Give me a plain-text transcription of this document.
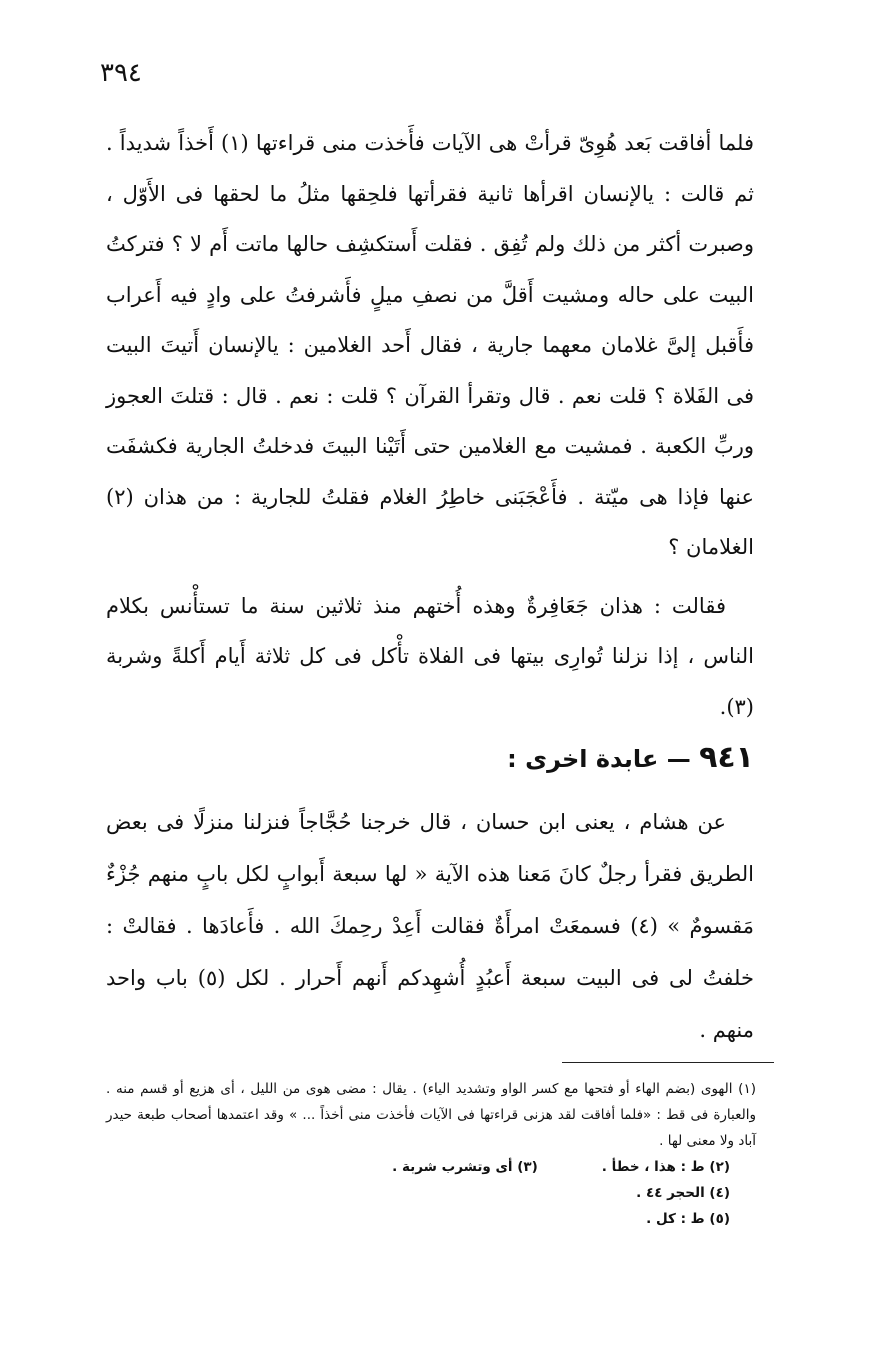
٣٩٤

فلما أفاقت بَعد هُوِىّ قرأتْ هى الآيات فأَخذت منى قراءتها (١) أَخذاً شديداً . ثم قالت : يالإنسان اقرأها ثانية فقرأتها فلحِقها مثلُ ما لحقها فى الأَوّل ، وصبرت أكثر من ذلك ولم تُفِق . فقلت أَستكشِف حالها ماتت أَم لا ؟ فتركتُ البيت على حاله ومشيت أَقلَّ من نصفِ ميلٍ فأَشرفتُ على وادٍ فيه أَعراب فأَقبل إلىَّ غلامان معهما جارية ، فقال أَحد الغلامين : يالإنسان أَتيتَ البيت فى الفَلاة ؟ قلت نعم . قال وتقرأ القرآن ؟ قلت : نعم . قال : قتلتَ العجوز وربِّ الكعبة . فمشيت مع الغلامين حتى أَتَيْنا البيتَ فدخلتُ الجارية فكشفَت عنها فإذا هى ميّتة . فأَعْجَبَنى خاطِرُ الغلام فقلتُ للجارية : من هذان (٢) الغلامان ؟

فقالت : هذان جَعَافِرةٌ وهذه أُختهم منذ ثلاثين سنة ما تستأْنس بكلام الناس ، إذا نزلنا تُوارِى بيتها فى الفلاة تأْكل فى كل ثلاثة أَيام أَكلةً وشربة (٣).

٩٤١ — عابدة اخرى :

عن هشام ، يعنى ابن حسان ، قال خرجنا حُجَّاجاً فنزلنا منزلًا فى بعض الطريق فقرأ رجلٌ كانَ مَعنا هذه الآية « لها سبعة أَبوابٍ لكل بابٍ منهم جُزْءٌ مَقسومٌ » (٤) فسمعَتْ امرأَةٌ فقالت أَعِدْ رحِمكَ الله . فأَعادَها . فقالتْ : خلفتُ لى فى البيت سبعة أَعبُدٍ أُشهِدكم أَنهم أَحرار . لكل (٥) باب واحد منهم .

(١) الهوى (بضم الهاء أو فتحها مع كسر الواو وتشديد الياء) . يقال : مضى هوى من الليل ، أى هزيع أو قسم منه . والعبارة فى قط : «فلما أفاقت لقد هزنى قراءتها فى الآيات فأخذت منى أخذاً ... » وقد اعتمدها أصحاب طبعة حيدر آباد ولا معنى لها .

(٢) ط : هذا ، خطأ .
(٣) أى وتشرب شربة .

(٤) الحجر ٤٤ .

(٥) ط : كل .
